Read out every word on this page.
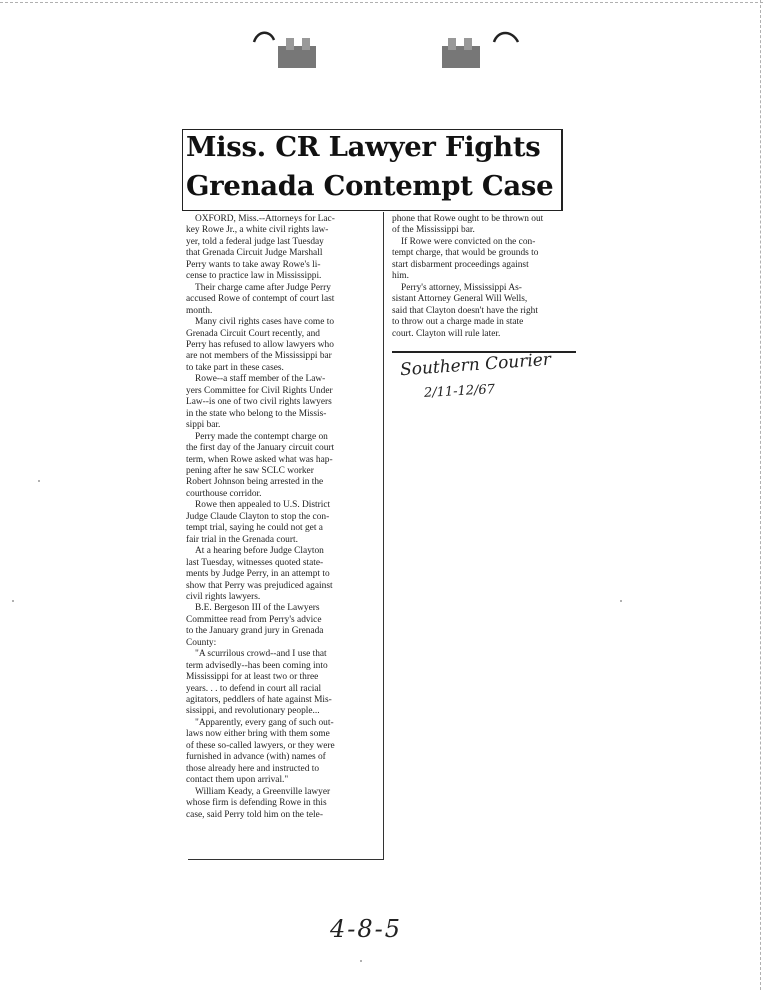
Miss. CR Lawyer Fights
Grenada Contempt Case

OXFORD, Miss.--Attorneys for Lac-
key Rowe Jr., a white civil rights law-
yer, told a federal judge last Tuesday
that Grenada Circuit Judge Marshall
Perry wants to take away Rowe's li-
cense to practice law in Mississippi.

Their charge came after Judge Perry
accused Rowe of contempt of court last
month.

Many civil rights cases have come to
Grenada Circuit Court recently, and
Perry has refused to allow lawyers who
are not members of the Mississippi bar
to take part in these cases.

Rowe--a staff member of the Law-
yers Committee for Civil Rights Under
Law--is one of two civil rights lawyers
in the state who belong to the Missis-
sippi bar.

Perry made the contempt charge on
the first day of the January circuit court
term, when Rowe asked what was hap-
pening after he saw SCLC worker
Robert Johnson being arrested in the
courthouse corridor.

Rowe then appealed to U.S. District
Judge Claude Clayton to stop the con-
tempt trial, saying he could not get a
fair trial in the Grenada court.

At a hearing before Judge Clayton
last Tuesday, witnesses quoted state-
ments by Judge Perry, in an attempt to
show that Perry was prejudiced against
civil rights lawyers.

B.E. Bergeson III of the Lawyers
Committee read from Perry's advice
to the January grand jury in Grenada
County:

"A scurrilous crowd--and I use that
term advisedly--has been coming into
Mississippi for at least two or three
years. . . to defend in court all racial
agitators, peddlers of hate against Mis-
sissippi, and revolutionary people...

"Apparently, every gang of such out-
laws now either bring with them some
of these so-called lawyers, or they were
furnished in advance (with) names of
those already here and instructed to
contact them upon arrival."

William Keady, a Greenville lawyer
whose firm is defending Rowe in this
case, said Perry told him on the tele-

phone that Rowe ought to be thrown out
of the Mississippi bar.

If Rowe were convicted on the con-
tempt charge, that would be grounds to
start disbarment proceedings against
him.

Perry's attorney, Mississippi As-
sistant Attorney General Will Wells,
said that Clayton doesn't have the right
to throw out a charge made in state
court. Clayton will rule later.

Southern Courier
2/11-12/67
4-8-5
